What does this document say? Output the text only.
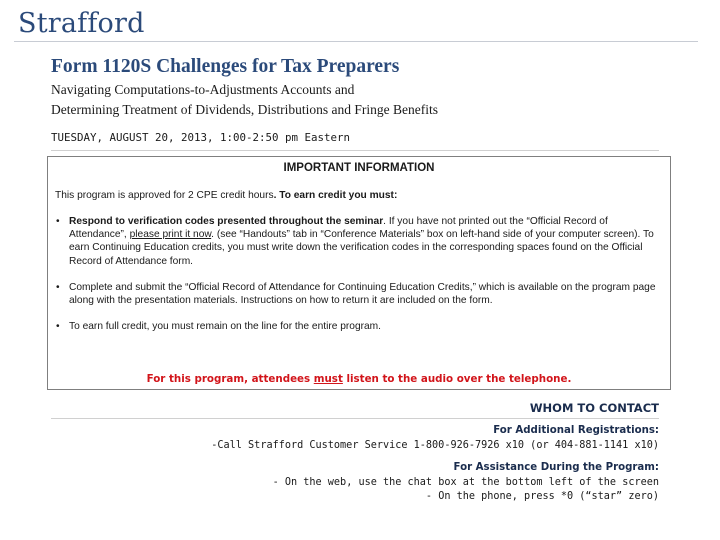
Strafford
Form 1120S Challenges for Tax Preparers
Navigating Computations-to-Adjustments Accounts and
Determining Treatment of Dividends, Distributions and Fringe Benefits
TUESDAY, AUGUST 20, 2013, 1:00-2:50 pm Eastern
IMPORTANT INFORMATION
This program is approved for 2 CPE credit hours. To earn credit you must:
• Respond to verification codes presented throughout the seminar. If you have not printed out the “Official Record of Attendance”, please print it now. (see “Handouts” tab in “Conference Materials” box on left-hand side of your computer screen). To earn Continuing Education credits, you must write down the verification codes in the corresponding spaces found on the Official Record of Attendance form.
• Complete and submit the “Official Record of Attendance for Continuing Education Credits,” which is available on the program page along with the presentation materials. Instructions on how to return it are included on the form.
• To earn full credit, you must remain on the line for the entire program.
For this program, attendees must listen to the audio over the telephone.
WHOM TO CONTACT
For Additional Registrations:
-Call Strafford Customer Service 1-800-926-7926 x10 (or 404-881-1141 x10)
For Assistance During the Program:
- On the web, use the chat box at the bottom left of the screen
- On the phone, press *0 (“star” zero)
